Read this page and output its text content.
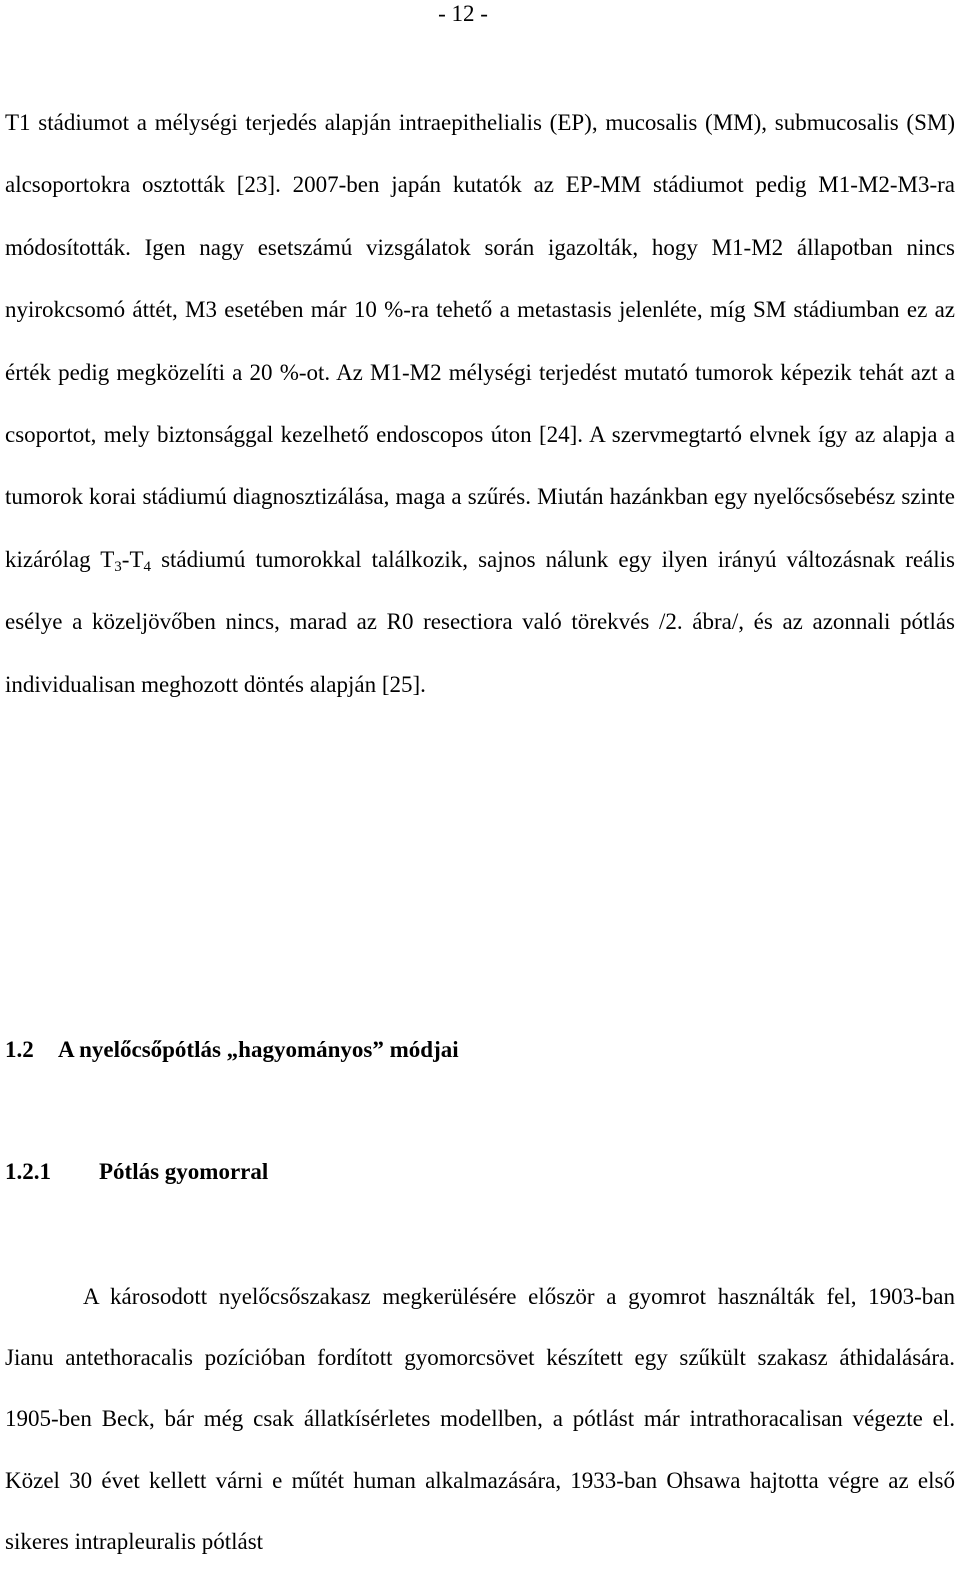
- 12 -

T1 stádiumot a mélységi terjedés alapján intraepithelialis (EP), mucosalis (MM), submucosalis (SM) alcsoportokra osztották [23]. 2007-ben japán kutatók az EP-MM stádiumot pedig M1-M2-M3-ra módosították. Igen nagy esetszámú vizsgálatok során igazolták, hogy M1-M2 állapotban nincs nyirokcsomó áttét, M3 esetében már 10 %-ra tehető a metastasis jelenléte, míg SM stádiumban ez az érték pedig megközelíti a 20 %-ot. Az M1-M2 mélységi terjedést mutató tumorok képezik tehát azt a csoportot, mely biztonsággal kezelhető endoscopos úton [24]. A szervmegtartó elvnek így az alapja a tumorok korai stádiumú diagnosztizálása, maga a szűrés. Miután hazánkban egy nyelőcsősebész szinte kizárólag $T_3-T_4$ stádiumú tumorokkal találkozik, sajnos nálunk egy ilyen irányú változásnak reális esélye a közeljövőben nincs, marad az R0 resectiora való törekvés /2. ábra/, és az azonnali pótlás individualisan meghozott döntés alapján [25].

1.2 A nyelőcsőpótlás „hagyományos” módjai
1.2.1 Pótlás gyomorral

A károsodott nyelőcsőszakasz megkerülésére először a gyomrot használták fel, 1903-ban Jianu antethoracalis pozícióban fordított gyomorcsövet készített egy szűkült szakasz áthidalására. 1905-ben Beck, bár még csak állatkísérletes modellben, a pótlást már intrathoracalisan végezte el. Közel 30 évet kellett várni e műtét human alkalmazására, 1933-ban Ohsawa hajtotta végre az első sikeres intrapleuralis pótlást
